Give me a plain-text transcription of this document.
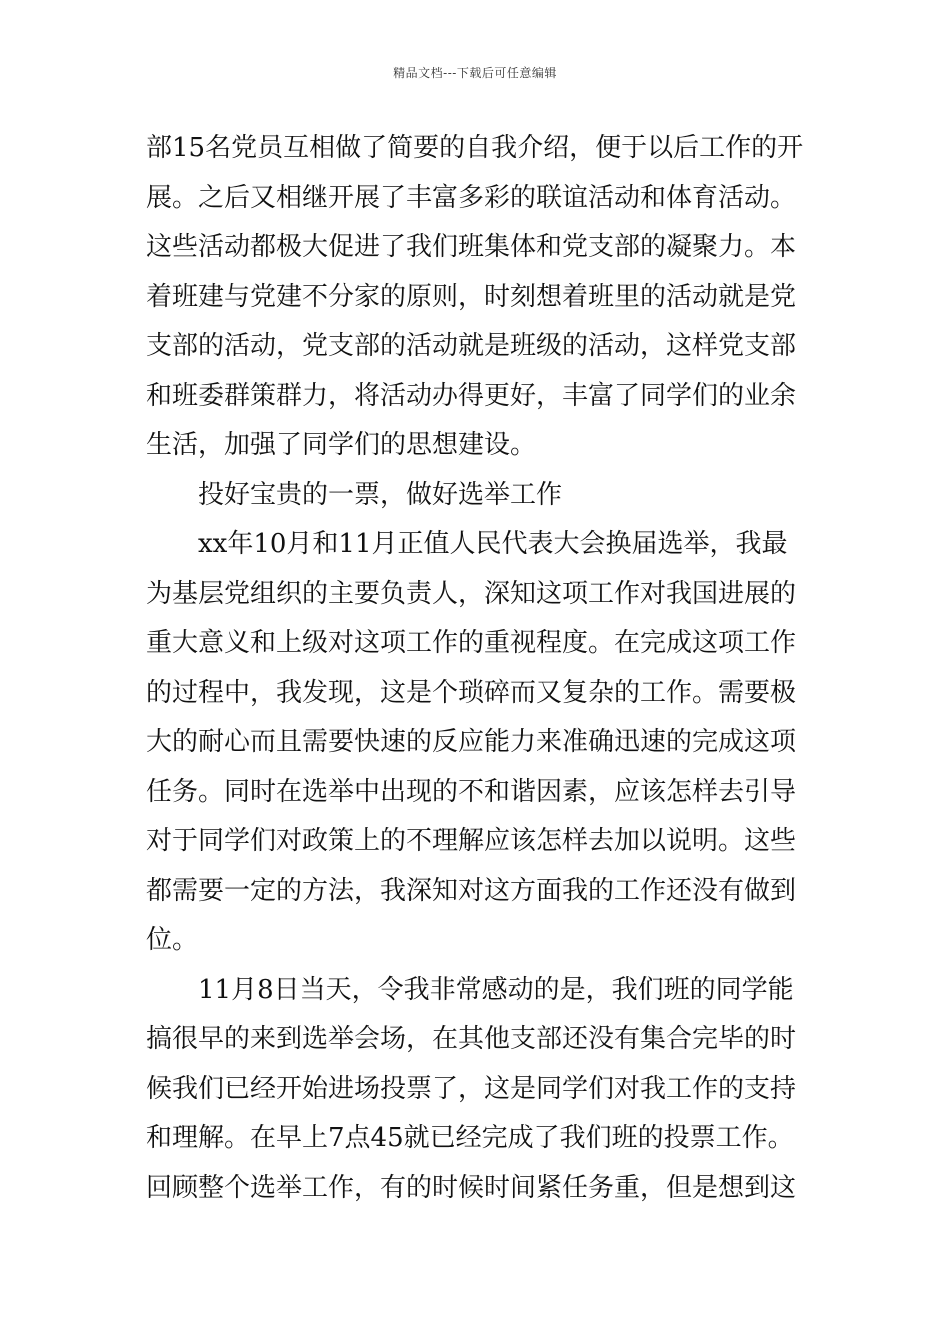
精品文档---下载后可任意编辑
部15名党员互相做了简要的自我介绍，便于以后工作的开
展。之后又相继开展了丰富多彩的联谊活动和体育活动。
这些活动都极大促进了我们班集体和党支部的凝聚力。本
着班建与党建不分家的原则，时刻想着班里的活动就是党
支部的活动，党支部的活动就是班级的活动，这样党支部
和班委群策群力，将活动办得更好，丰富了同学们的业余
生活，加强了同学们的思想建设。
投好宝贵的一票，做好选举工作
xx年10月和11月正值人民代表大会换届选举，我最
为基层党组织的主要负责人，深知这项工作对我国进展的
重大意义和上级对这项工作的重视程度。在完成这项工作
的过程中，我发现，这是个琐碎而又复杂的工作。需要极
大的耐心而且需要快速的反应能力来准确迅速的完成这项
任务。同时在选举中出现的不和谐因素，应该怎样去引导
对于同学们对政策上的不理解应该怎样去加以说明。这些
都需要一定的方法，我深知对这方面我的工作还没有做到
位。
11月8日当天，令我非常感动的是，我们班的同学能
搞很早的来到选举会场，在其他支部还没有集合完毕的时
候我们已经开始进场投票了，这是同学们对我工作的支持
和理解。在早上7点45就已经完成了我们班的投票工作。
回顾整个选举工作，有的时候时间紧任务重，但是想到这
